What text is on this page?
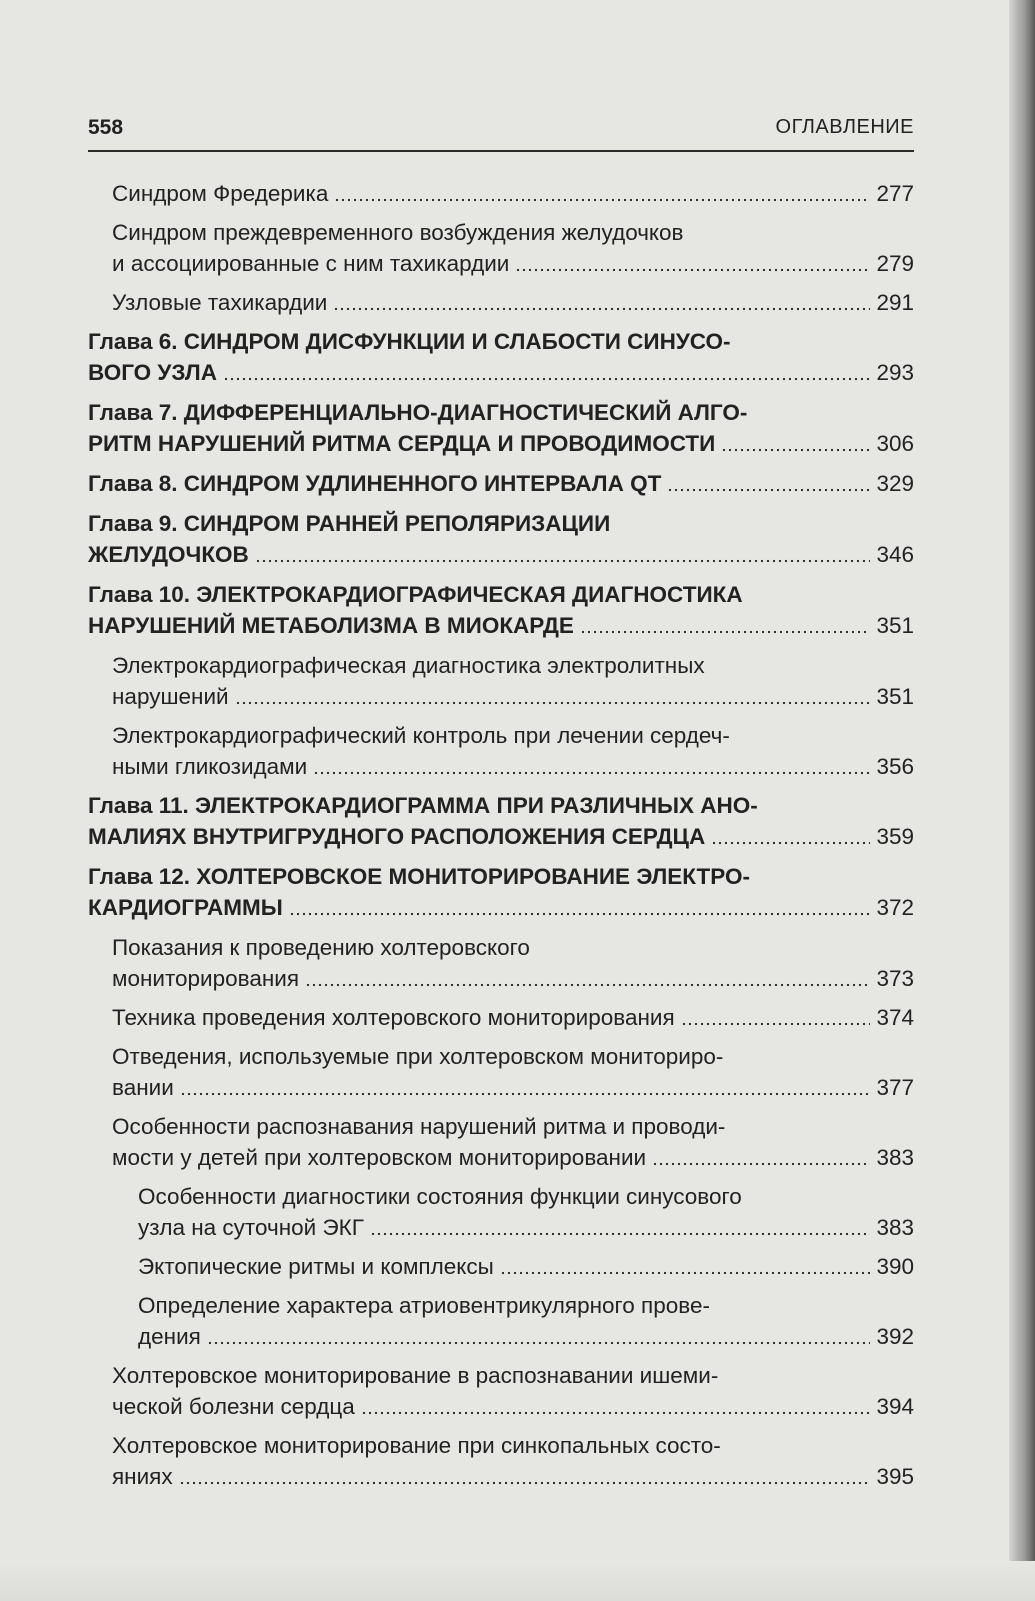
558	ОГЛАВЛЕНИЕ
Синдром Фредерика	277
Синдром преждевременного возбуждения желудочков
и ассоциированные с ним тахикардии	279
Узловые тахикардии	291
Глава 6. СИНДРОМ ДИСФУНКЦИИ И СЛАБОСТИ СИНУСО-
ВОГО УЗЛА	293
Глава 7. ДИФФЕРЕНЦИАЛЬНО-ДИАГНОСТИЧЕСКИЙ АЛГО-
РИТМ НАРУШЕНИЙ РИТМА СЕРДЦА И ПРОВОДИМОСТИ	306
Глава 8. СИНДРОМ УДЛИНЕННОГО ИНТЕРВАЛА QT	329
Глава 9. СИНДРОМ РАННЕЙ РЕПОЛЯРИЗАЦИИ
ЖЕЛУДОЧКОВ	346
Глава 10. ЭЛЕКТРОКАРДИОГРАФИЧЕСКАЯ ДИАГНОСТИКА
НАРУШЕНИЙ МЕТАБОЛИЗМА В МИОКАРДЕ	351
Электрокардиографическая диагностика электролитных
нарушений	351
Электрокардиографический контроль при лечении сердеч-
ными гликозидами	356
Глава 11. ЭЛЕКТРОКАРДИОГРАММА ПРИ РАЗЛИЧНЫХ АНО-
МАЛИЯХ ВНУТРИГРУДНОГО РАСПОЛОЖЕНИЯ СЕРДЦА	359
Глава 12. ХОЛТЕРОВСКОЕ МОНИТОРИРОВАНИЕ ЭЛЕКТРО-
КАРДИОГРАММЫ	372
Показания к проведению холтеровского
мониторирования	373
Техника проведения холтеровского мониторирования	374
Отведения, используемые при холтеровском мониториро-
вании	377
Особенности распознавания нарушений ритма и проводи-
мости у детей при холтеровском мониторировании	383
Особенности диагностики состояния функции синусового
узла на суточной ЭКГ	383
Эктопические ритмы и комплексы	390
Определение характера атриовентрикулярного прове-
дения	392
Холтеровское мониторирование в распознавании ишеми-
ческой болезни сердца	394
Холтеровское мониторирование при синкопальных состо-
яниях	395
